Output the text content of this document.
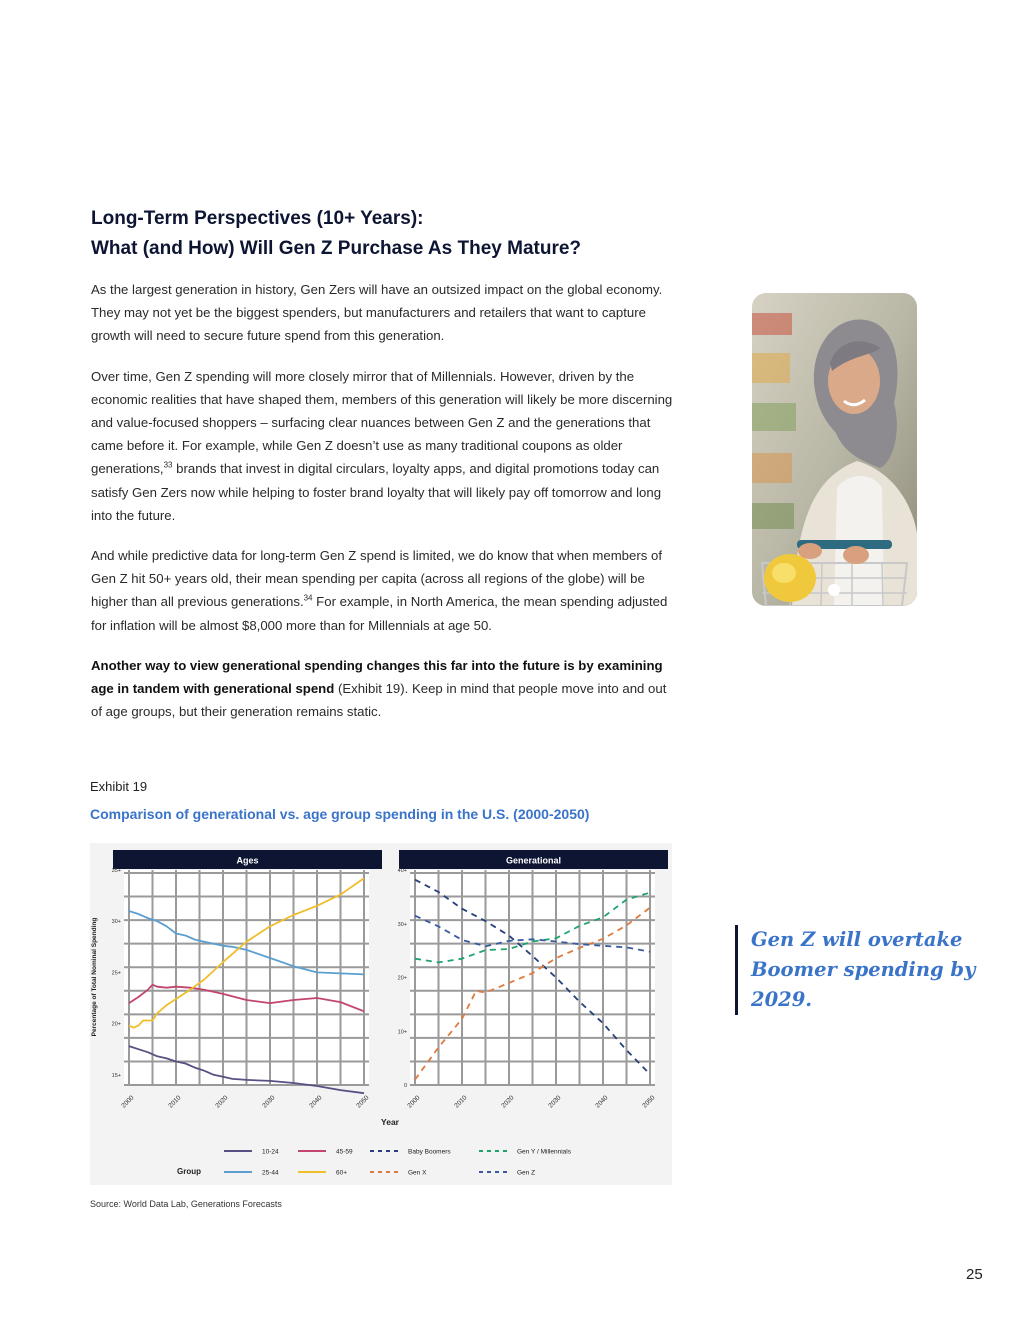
Long-Term Perspectives (10+ Years):
What (and How) Will Gen Z Purchase As They Mature?

As the largest generation in history, Gen Zers will have an outsized impact on the global economy. They may not yet be the biggest spenders, but manufacturers and retailers that want to capture growth will need to secure future spend from this generation.

Over time, Gen Z spending will more closely mirror that of Millennials. However, driven by the economic realities that have shaped them, members of this generation will likely be more discerning and value-focused shoppers – surfacing clear nuances between Gen Z and the generations that came before it. For example, while Gen Z doesn’t use as many traditional coupons as older generations,$^{33}$ brands that invest in digital circulars, loyalty apps, and digital promotions today can satisfy Gen Zers now while helping to foster brand loyalty that will likely pay off tomorrow and long into the future.

And while predictive data for long-term Gen Z spend is limited, we do know that when members of Gen Z hit 50+ years old, their mean spending per capita (across all regions of the globe) will be higher than all previous generations.$^{34}$ For example, in North America, the mean spending adjusted for inflation will be almost $8,000 more than for Millennials at age 50.

Another way to view generational spending changes this far into the future is by examining age in tandem with generational spend (Exhibit 19). Keep in mind that people move into and out of age groups, but their generation remains static.

Gen Z will overtake Boomer spending by 2029.
Exhibit 19
Comparison of generational vs. age group spending in the U.S. (2000-2050)
Ages
15+
20+
25+
30+
35+
2000	2010	2020	2030	2040	2050
Generational
0
10+
20+
30+
40+
2000	2010	2020	2030	2040	2050
Percentage of Total Nominal Spending
Year
Group
10-24	45-59	Baby Boomers	Gen Y / Millennials
25-44	60+	Gen X	Gen Z
Source: World Data Lab, Generations Forecasts
25
